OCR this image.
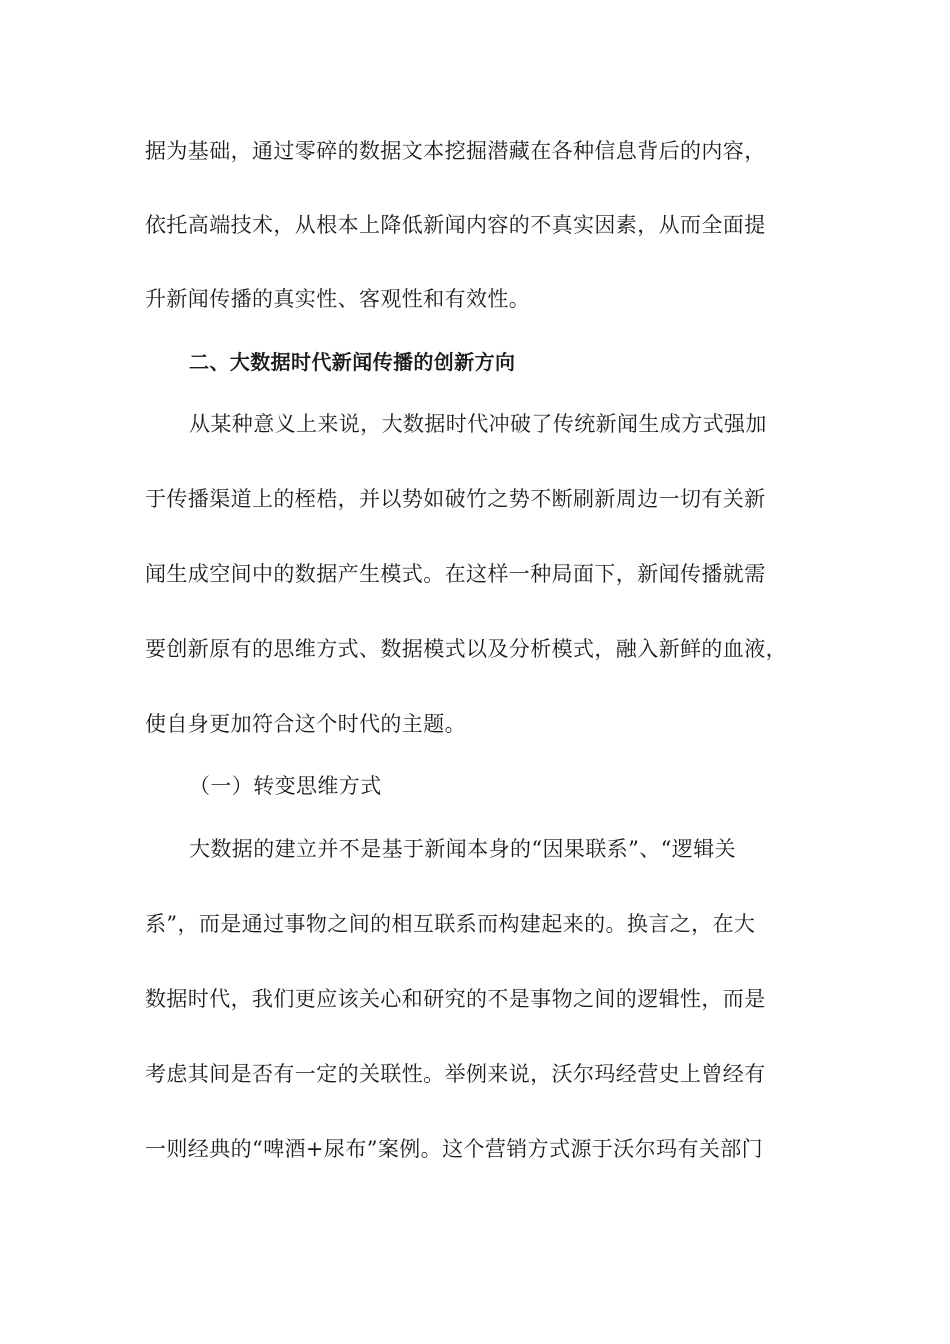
据为基础，通过零碎的数据文本挖掘潜藏在各种信息背后的内容，
依托高端技术，从根本上降低新闻内容的不真实因素，从而全面提
升新闻传播的真实性、客观性和有效性。
二、大数据时代新闻传播的创新方向
从某种意义上来说，大数据时代冲破了传统新闻生成方式强加
于传播渠道上的桎梏，并以势如破竹之势不断刷新周边一切有关新
闻生成空间中的数据产生模式。在这样一种局面下，新闻传播就需
要创新原有的思维方式、数据模式以及分析模式，融入新鲜的血液，
使自身更加符合这个时代的主题。
（一）转变思维方式
大数据的建立并不是基于新闻本身的“因果联系”、“逻辑关
系”，而是通过事物之间的相互联系而构建起来的。换言之，在大
数据时代，我们更应该关心和研究的不是事物之间的逻辑性，而是
考虑其间是否有一定的关联性。举例来说，沃尔玛经营史上曾经有
一则经典的“啤酒+尿布”案例。这个营销方式源于沃尔玛有关部门
